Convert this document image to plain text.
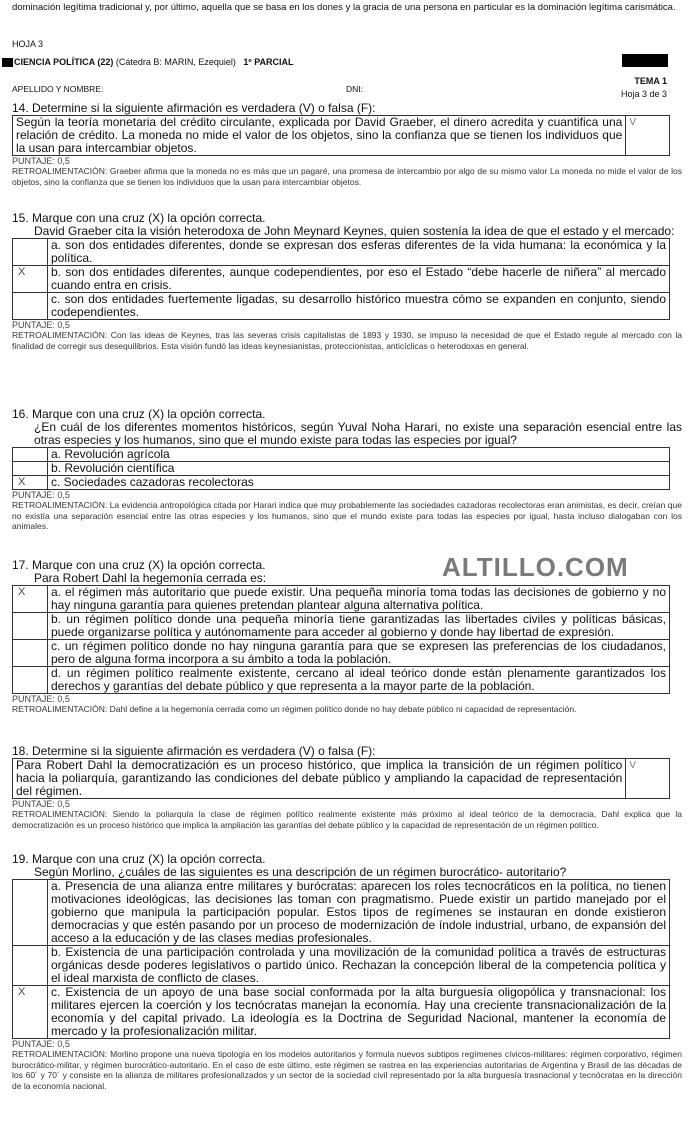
dominación legítima tradicional y, por último, aquella que se basa en los dones y la gracia de una persona en particular es la dominación legítima carismática.
HOJA 3
CIENCIA POLÍTICA (22) (Cátedra B: MARIN, Ezequiel) 1º PARCIAL
TEMA 1
Hoja 3 de 3
APELLIDO Y NOMBRE:	DNI:
14. Determine si la siguiente afirmación es verdadera (V) o falsa (F):
Según la teoría monetaria del crédito circulante, explicada por David Graeber, el dinero acredita y cuantifica una relación de crédito. La moneda no mide el valor de los objetos, sino la confianza que se tienen los individuos que la usan para intercambiar objetos.	V
PUNTAJE: 0,5
RETROALIMENTACIÓN: Graeber afirma que la moneda no es más que un pagaré, una promesa de intercambio por algo de su mismo valor La moneda no mide el valor de los objetos, sino la confianza que se tienen los individuos que la usan para intercambiar objetos.
15. Marque con una cruz (X) la opción correcta.
David Graeber cita la visión heterodoxa de John Meynard Keynes, quien sostenía la idea de que el estado y el mercado:
	a. son dos entidades diferentes, donde se expresan dos esferas diferentes de la vida humana: la económica y la política.
X	b. son dos entidades diferentes, aunque codependientes, por eso el Estado “debe hacerle de niñera” al mercado cuando entra en crisis.
	c. son dos entidades fuertemente ligadas, su desarrollo histórico muestra cómo se expanden en conjunto, siendo codependientes.
PUNTAJE: 0,5
RETROALIMENTACIÓN: Con las ideas de Keynes, tras las severas crisis capitalistas de 1893 y 1930, se impuso la necesidad de que el Estado regule al mercado con la finalidad de corregir sus desequilibrios. Esta visión fundó las ideas keynesianistas, proteccionistas, anticíclicas o heterodoxas en general.
16. Marque con una cruz (X) la opción correcta.
¿En cuál de los diferentes momentos históricos, según Yuval Noha Harari, no existe una separación esencial entre las otras especies y los humanos, sino que el mundo existe para todas las especies por igual?
	a. Revolución agrícola
	b. Revolución científica
X	c. Sociedades cazadoras recolectoras
PUNTAJE: 0,5
RETROALIMENTACIÓN: La evidencia antropológica citada por Harari indica que muy probablemente las sociedades cazadoras recolectoras eran animistas, es decir, creían que no existía una separación esencial entre las otras especies y los humanos, sino que el mundo existe para todas las especies por igual, hasta incluso dialogaban con los animales.
ALTILLO.COM
17. Marque con una cruz (X) la opción correcta.
Para Robert Dahl la hegemonía cerrada es:
X	a. el régimen más autoritario que puede existir. Una pequeña minoría toma todas las decisiones de gobierno y no hay ninguna garantía para quienes pretendan plantear alguna alternativa política.
	b. un régimen político donde una pequeña minoría tiene garantizadas las libertades civiles y políticas básicas, puede organizarse política y autónomamente para acceder al gobierno y donde hay libertad de expresión.
	c. un régimen político donde no hay ninguna garantía para que se expresen las preferencias de los ciudadanos, pero de alguna forma incorpora a su ámbito a toda la población.
	d. un régimen político realmente existente, cercano al ideal teórico donde están plenamente garantizados los derechos y garantías del debate público y que representa a la mayor parte de la población.
PUNTAJE: 0,5
RETROALIMENTACIÓN: Dahl define a la hegemonía cerrada como un régimen político donde no hay debate público ni capacidad de representación.
18. Determine si la siguiente afirmación es verdadera (V) o falsa (F):
Para Robert Dahl la democratización es un proceso histórico, que implica la transición de un régimen político hacia la poliarquía, garantizando las condiciones del debate público y ampliando la capacidad de representación del régimen.	V
PUNTAJE: 0,5
RETROALIMENTACIÓN: Siendo la poliarquía la clase de régimen político realmente existente más próximo al ideal teórico de la democracia, Dahl explica que la democratización es un proceso histórico que implica la ampliación las garantías del debate público y la capacidad de representación de un régimen político.
19. Marque con una cruz (X) la opción correcta.
Según Morlino, ¿cuáles de las siguientes es una descripción de un régimen burocrático- autoritario?
	a. Presencia de una alianza entre militares y burócratas: aparecen los roles tecnocráticos en la política, no tienen motivaciones ideológicas, las decisiones las toman con pragmatismo. Puede existir un partido manejado por el gobierno que manipula la participación popular. Estos tipos de regímenes se instauran en donde existieron democracias y que estén pasando por un proceso de modernización de índole industrial, urbano, de expansión del acceso a la educación y de las clases medias profesionales.
	b. Existencia de una participación controlada y una movilización de la comunidad política a través de estructuras orgánicas desde poderes legislativos o partido único. Rechazan la concepción liberal de la competencia política y el ideal marxista de conflicto de clases.
X	c. Existencia de un apoyo de una base social conformada por la alta burguesía oligopólica y transnacional: los militares ejercen la coerción y los tecnócratas manejan la economía. Hay una creciente transnacionalización de la economía y del capital privado. La ideología es la Doctrina de Seguridad Nacional, mantener la economía de mercado y la profesionalización militar.
PUNTAJE: 0,5
RETROALIMENTACIÓN: Morlino propone una nueva tipología en los modelos autoritarios y formula nuevos subtipos regímenes cívicos-militares: régimen corporativo, régimen burocrático-militar, y régimen burocrático-autoritario. En el caso de este último, este régimen se rastrea en las experiencias autoritarias de Argentina y Brasil de las décadas de los 60´ y 70´ y consiste en la alianza de militares profesionalizados y un sector de la sociedad civil representado por la alta burguesía trasnacional y tecnócratas en la dirección de la economía nacional.
